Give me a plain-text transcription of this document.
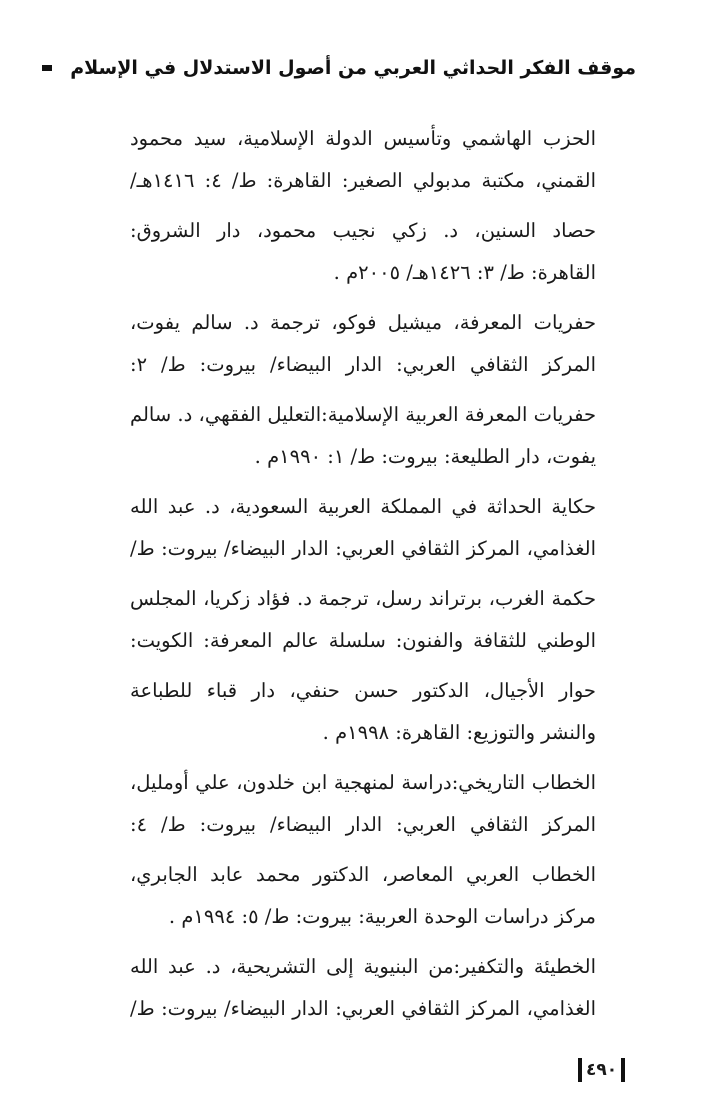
موقف الفكر الحداثي العربي من أصول الاستدلال في الإسلام
الحزب الهاشمي وتأسيس الدولة الإسلامية، سيد محمود القمني، مكتبة مدبولي الصغير: القاهرة: ط/ ٤: ١٤١٦هـ/
حصاد السنين، د. زكي نجيب محمود، دار الشروق: القاهرة: ط/ ٣: ١٤٢٦هـ/ ٢٠٠٥م .
حفريات المعرفة، ميشيل فوكو، ترجمة د. سالم يفوت، المركز الثقافي العربي: الدار البيضاء/ بيروت: ط/ ٢:
حفريات المعرفة العربية الإسلامية:التعليل الفقهي، د. سالم يفوت، دار الطليعة: بيروت: ط/ ١: ١٩٩٠م .
حكاية الحداثة في المملكة العربية السعودية، د. عبد الله الغذامي، المركز الثقافي العربي: الدار البيضاء/ بيروت: ط/
حكمة الغرب، برتراند رسل، ترجمة د. فؤاد زكريا، المجلس الوطني للثقافة والفنون: سلسلة عالم المعرفة: الكويت:
حوار الأجيال، الدكتور حسن حنفي، دار قباء للطباعة والنشر والتوزيع: القاهرة: ١٩٩٨م .
الخطاب التاريخي:دراسة لمنهجية ابن خلدون، علي أومليل، المركز الثقافي العربي: الدار البيضاء/ بيروت: ط/ ٤:
الخطاب العربي المعاصر، الدكتور محمد عابد الجابري، مركز دراسات الوحدة العربية: بيروت: ط/ ٥: ١٩٩٤م .
الخطيئة والتكفير:من البنيوية إلى التشريحية، د. عبد الله الغذامي، المركز الثقافي العربي: الدار البيضاء/ بيروت: ط/
٤٩٠
